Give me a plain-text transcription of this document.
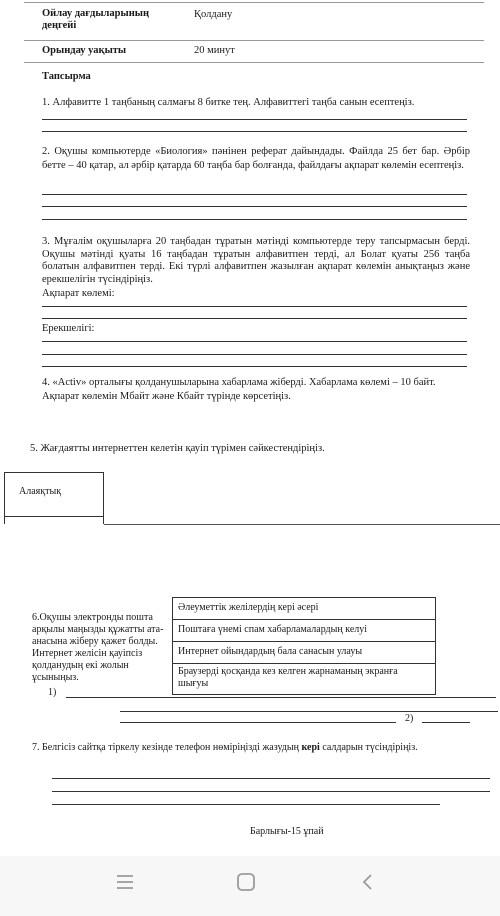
Ойлау дағдыларының деңгейі
Қолдану
Орындау уақыты	20 минут
Тапсырма
1. Алфавитте 1 таңбаның салмағы 8 битке тең. Алфавиттегі таңба санын есептеңіз.
2. Оқушы компьютерде «Биология» пәнінен реферат дайындады. Файлда 25 бет бар. Әрбір бетте – 40 қатар, ал әрбір қатарда 60 таңба бар болғанда, файлдағы ақпарат көлемін есептеңіз.
3. Мұғалім оқушыларға 20 таңбадан тұратын мәтінді компьютерде теру тапсырмасын берді. Оқушы мәтінді қуаты 16 таңбадан тұратын алфавитпен терді, ал Болат қуаты 256 таңба болатын алфавитпен терді. Екі түрлі алфавитпен жазылған ақпарат көлемін анықтаңыз және ерекшелігін түсіндіріңіз.
Ақпарат көлемі:
Ерекшелігі:
4. «Activ» орталығы қолданушыларына хабарлама жіберді. Хабарлама көлемі – 10 байт. Ақпарат көлемін Мбайт және Кбайт түрінде көрсетіңіз.
5. Жағдаятты интернеттен келетін қауіп түрімен сәйкестендіріңіз.
Алаяқтық
6.Оқушы электронды пошта арқылы маңызды құжатты ата-анасына жіберу қажет болды. Интернет желісін қауіпсіз қолданудың екі жолын ұсыныңыз.
1)
Әлеуметтік желілердің кері әсері
Поштаға үнемі спам хабарламалардың келуі
Интернет ойындардың бала санасын улауы
Браузерді қосқанда кез келген жарнаманың экранға шығуы
2)
7. Белгісіз сайтқа тіркелу кезінде телефон нөміріңізді жазудың кері салдарын түсіндіріңіз.
Барлығы-15 ұпай
